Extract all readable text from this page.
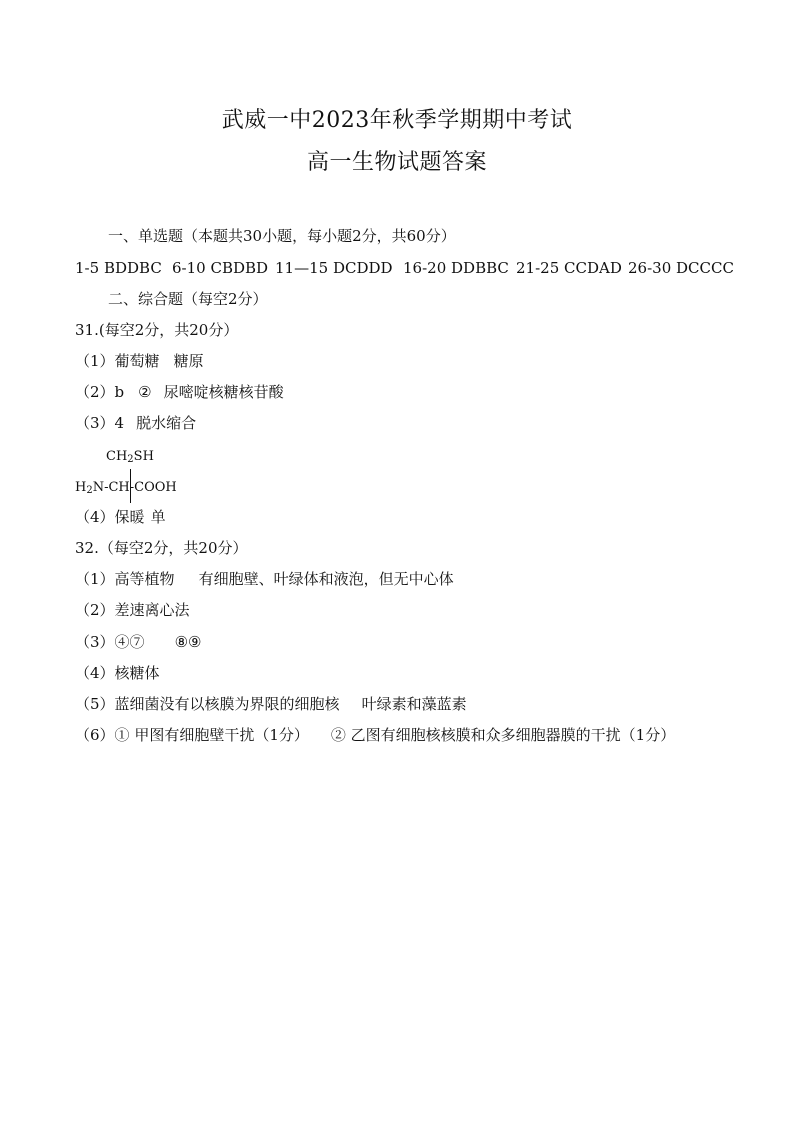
武威一中2023年秋季学期期中考试
高一生物试题答案
一、单选题（本题共30小题，每小题2分，共60分）
1-5 BDDBC 6-10 CBDBD 11—15 DCDDD 16-20 DDBBC 21-25 CCDAD 26-30 DCCCC
二、综合题（每空2分）
31.(每空2分，共20分）
（1）葡萄糖 糖原
（2）b ② 尿嘧啶核糖核苷酸
（3）4 脱水缩合
$CH_2SH$
$H_2N-CH$-COOH
（4）保暖 单
32.（每空2分，共20分）
（1）高等植物 有细胞壁、叶绿体和液泡，但无中心体
（2）差速离心法
（3）④⑦ ⑧⑨
（4）核糖体
（5）蓝细菌没有以核膜为界限的细胞核 叶绿素和藻蓝素
（6）① 甲图有细胞壁干扰（1分） ② 乙图有细胞核核膜和众多细胞器膜的干扰（1分）
